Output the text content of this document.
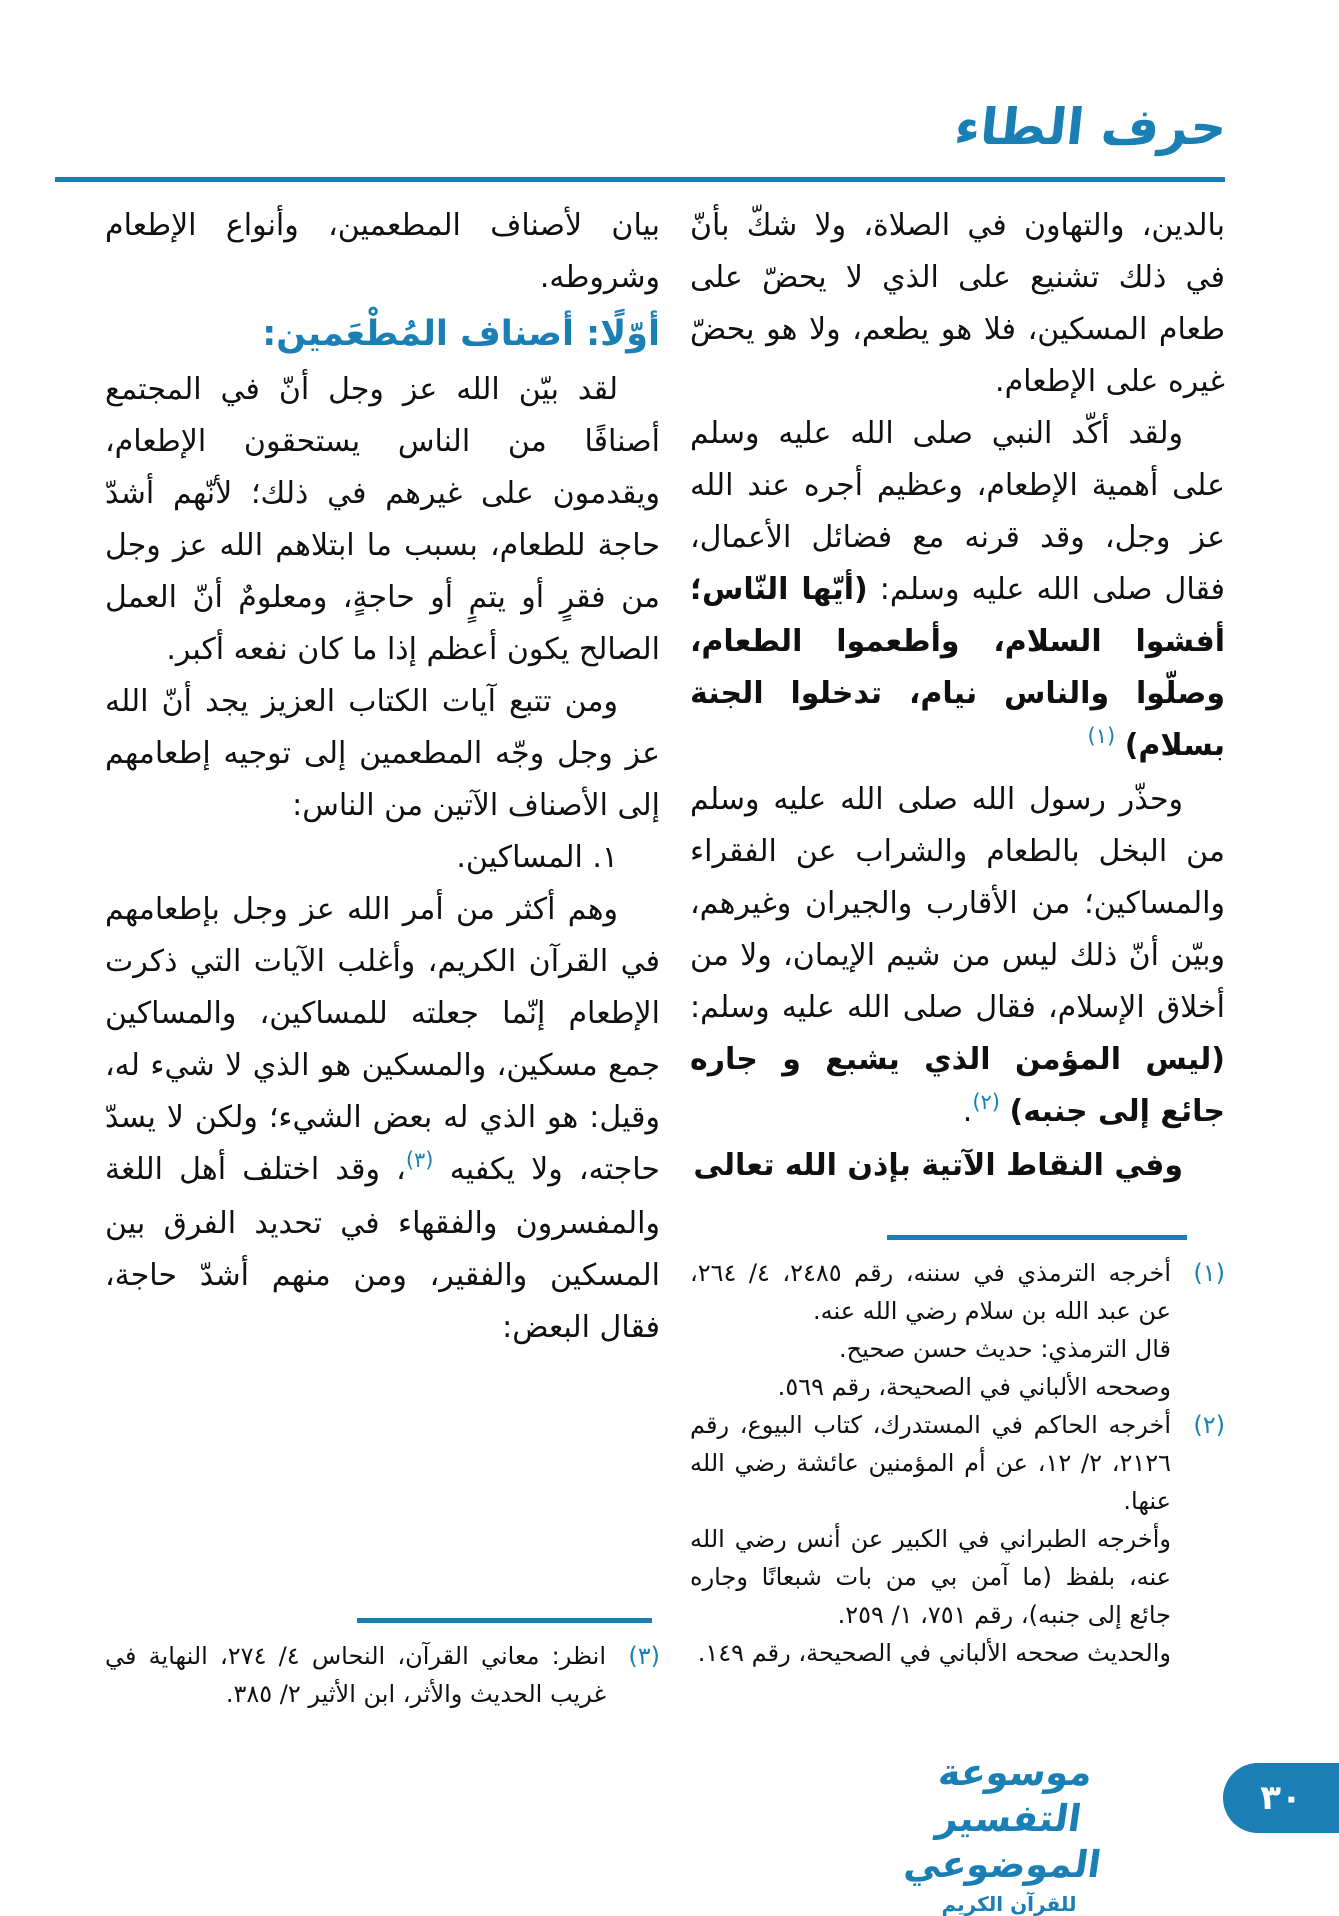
حرف الطاء

بالدين، والتهاون في الصلاة، ولا شكّ بأنّ في ذلك تشنيع على الذي لا يحضّ على طعام المسكين، فلا هو يطعم، ولا هو يحضّ غيره على الإطعام.

ولقد أكّد النبي صلى الله عليه وسلم على أهمية الإطعام، وعظيم أجره عند الله عز وجل، وقد قرنه مع فضائل الأعمال، فقال صلى الله عليه وسلم: (أيّها النّاس؛ أفشوا السلام، وأطعموا الطعام، وصلّوا والناس نيام، تدخلوا الجنة بسلام) $^{(١)}$

وحذّر رسول الله صلى الله عليه وسلم من البخل بالطعام والشراب عن الفقراء والمساكين؛ من الأقارب والجيران وغيرهم، وبيّن أنّ ذلك ليس من شيم الإيمان، ولا من أخلاق الإسلام، فقال صلى الله عليه وسلم: (ليس المؤمن الذي يشبع و جاره جائع إلى جنبه) $^{(٢)}$.

وفي النقاط الآتية بإذن الله تعالى

(١)

أخرجه الترمذي في سننه، رقم ٢٤٨٥، ٤/ ٢٦٤، عن عبد الله بن سلام رضي الله عنه.

قال الترمذي: حديث حسن صحيح.

وصححه الألباني في الصحيحة، رقم ٥٦٩.

(٢)

أخرجه الحاكم في المستدرك، كتاب البيوع، رقم ٢١٢٦، ٢/ ١٢، عن أم المؤمنين عائشة رضي الله عنها.

وأخرجه الطبراني في الكبير عن أنس رضي الله عنه، بلفظ (ما آمن بي من بات شبعانًا وجاره جائع إلى جنبه)، رقم ٧٥١، ١/ ٢٥٩.

والحديث صححه الألباني في الصحيحة، رقم ١٤٩.

بيان لأصناف المطعمين، وأنواع الإطعام وشروطه.

أوّلًا: أصناف المُطْعَمين:

لقد بيّن الله عز وجل أنّ في المجتمع أصنافًا من الناس يستحقون الإطعام، ويقدمون على غيرهم في ذلك؛ لأنّهم أشدّ حاجة للطعام، بسبب ما ابتلاهم الله عز وجل من فقرٍ أو يتمٍ أو حاجةٍ، ومعلومٌ أنّ العمل الصالح يكون أعظم إذا ما كان نفعه أكبر.

ومن تتبع آيات الكتاب العزيز يجد أنّ الله عز وجل وجّه المطعمين إلى توجيه إطعامهم إلى الأصناف الآتين من الناس:

١. المساكين.

وهم أكثر من أمر الله عز وجل بإطعامهم في القرآن الكريم، وأغلب الآيات التي ذكرت الإطعام إنّما جعلته للمساكين، والمساكين جمع مسكين، والمسكين هو الذي لا شيء له، وقيل: هو الذي له بعض الشيء؛ ولكن لا يسدّ حاجته، ولا يكفيه $^{(٣)}$، وقد اختلف أهل اللغة والمفسرون والفقهاء في تحديد الفرق بين المسكين والفقير، ومن منهم أشدّ حاجة، فقال البعض:

(٣)

انظر: معاني القرآن، النحاس ٤/ ٢٧٤، النهاية في غريب الحديث والأثر، ابن الأثير ٢/ ٣٨٥.

موسوعة التفسير الموضوعي
للقرآن الكريم
٣٠
